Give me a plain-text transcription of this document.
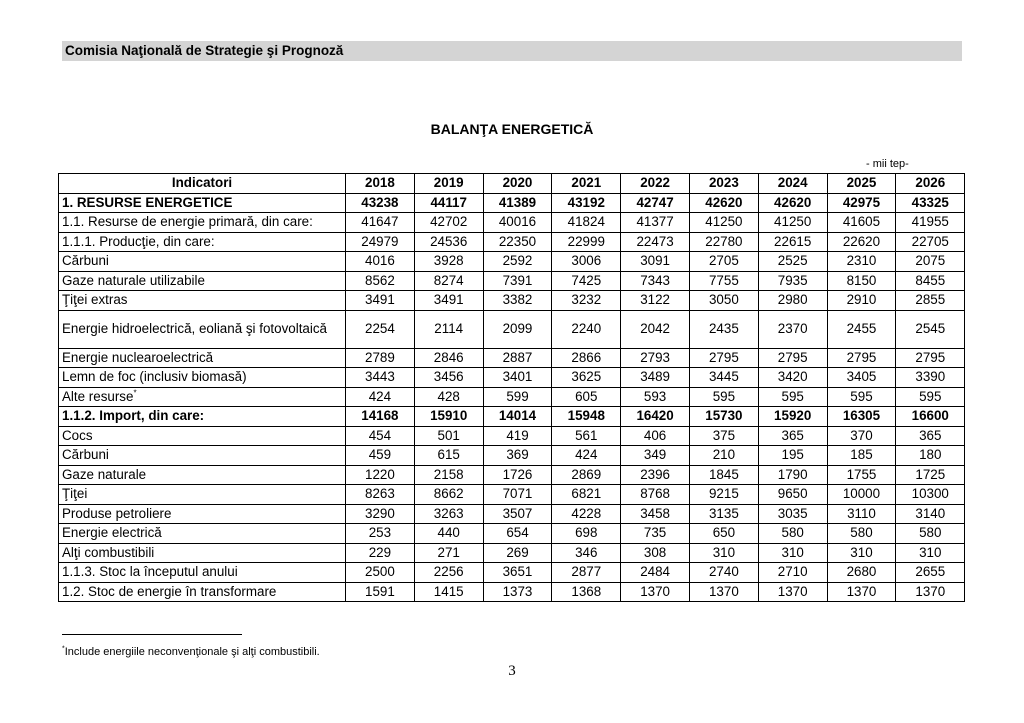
Comisia Naţională de Strategie şi Prognoză
BALANŢA ENERGETICĂ
- mii tep-
Indicatori	2018	2019	2020	2021	2022	2023	2024	2025	2026
1. RESURSE ENERGETICE	43238	44117	41389	43192	42747	42620	42620	42975	43325
1.1. Resurse de energie primară, din care:	41647	42702	40016	41824	41377	41250	41250	41605	41955
1.1.1. Producţie, din care:	24979	24536	22350	22999	22473	22780	22615	22620	22705
Cărbuni	4016	3928	2592	3006	3091	2705	2525	2310	2075
Gaze naturale utilizabile	8562	8274	7391	7425	7343	7755	7935	8150	8455
Ţiţei extras	3491	3491	3382	3232	3122	3050	2980	2910	2855
Energie hidroelectrică, eoliană şi fotovoltaică	2254	2114	2099	2240	2042	2435	2370	2455	2545
Energie nuclearoelectrică	2789	2846	2887	2866	2793	2795	2795	2795	2795
Lemn de foc (inclusiv biomasă)	3443	3456	3401	3625	3489	3445	3420	3405	3390
Alte resurse*	424	428	599	605	593	595	595	595	595
1.1.2. Import, din care:	14168	15910	14014	15948	16420	15730	15920	16305	16600
Cocs	454	501	419	561	406	375	365	370	365
Cărbuni	459	615	369	424	349	210	195	185	180
Gaze naturale	1220	2158	1726	2869	2396	1845	1790	1755	1725
Ţiţei	8263	8662	7071	6821	8768	9215	9650	10000	10300
Produse petroliere	3290	3263	3507	4228	3458	3135	3035	3110	3140
Energie electrică	253	440	654	698	735	650	580	580	580
Alţi combustibili	229	271	269	346	308	310	310	310	310
1.1.3. Stoc la începutul anului	2500	2256	3651	2877	2484	2740	2710	2680	2655
1.2. Stoc de energie în transformare	1591	1415	1373	1368	1370	1370	1370	1370	1370
*Include energiile neconvenţionale şi alţi combustibili.
3
